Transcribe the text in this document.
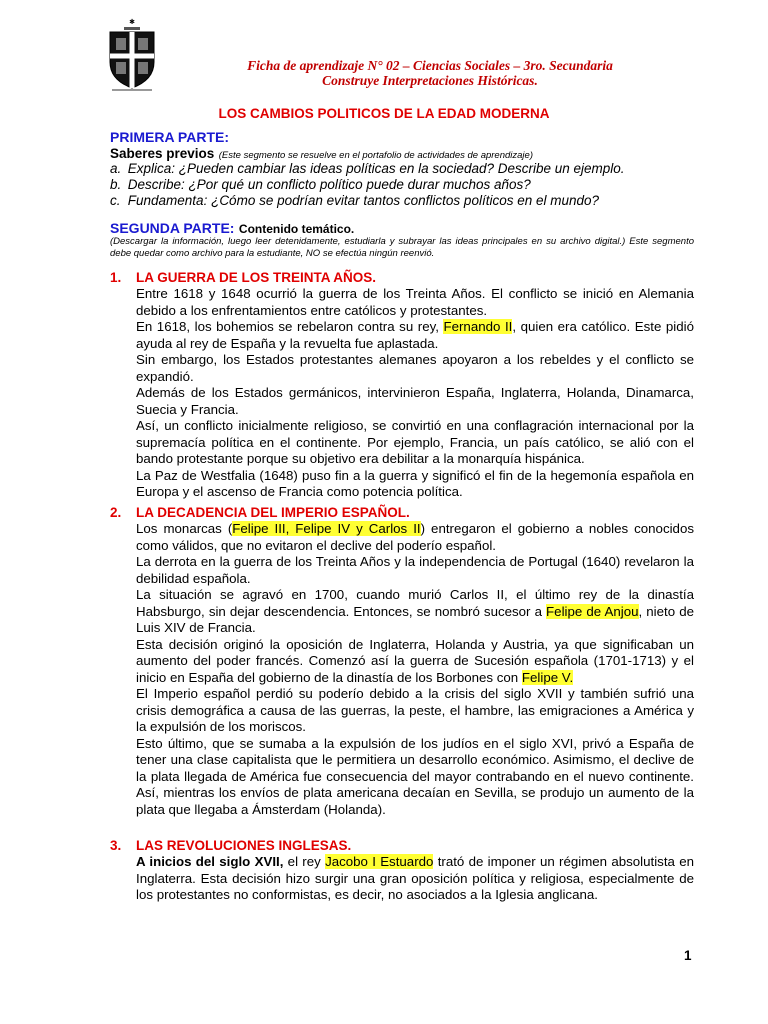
✱
Ficha de aprendizaje N° 02 – Ciencias Sociales – 3ro. Secundaria
Construye Interpretaciones Históricas.
LOS CAMBIOS POLITICOS DE LA EDAD MODERNA
PRIMERA PARTE:
Saberes previos (Este segmento se resuelve en el portafolio de actividades de aprendizaje)
a. Explica: ¿Pueden cambiar las ideas políticas en la sociedad? Describe un ejemplo.
b. Describe: ¿Por qué un conflicto político puede durar muchos años?
c. Fundamenta: ¿Cómo se podrían evitar tantos conflictos políticos en el mundo?
SEGUNDA PARTE: Contenido temático.
(Descargar la información, luego leer detenidamente, estudiarla y subrayar las ideas principales en su archivo digital.) Este segmento debe quedar como archivo para la estudiante, NO se efectúa ningún reenvió.
1. LA GUERRA DE LOS TREINTA AÑOS.

Entre 1618 y 1648 ocurrió la guerra de los Treinta Años. El conflicto se inició en Alemania debido a los enfrentamientos entre católicos y protestantes.

En 1618, los bohemios se rebelaron contra su rey, Fernando II, quien era católico. Este pidió ayuda al rey de España y la revuelta fue aplastada.

Sin embargo, los Estados protestantes alemanes apoyaron a los rebeldes y el conflicto se expandió.

Además de los Estados germánicos, intervinieron España, Inglaterra, Holanda, Dinamarca, Suecia y Francia.

Así, un conflicto inicialmente religioso, se convirtió en una conflagración internacional por la supremacía política en el continente. Por ejemplo, Francia, un país católico, se alió con el bando protestante porque su objetivo era debilitar a la monarquía hispánica.

La Paz de Westfalia (1648) puso fin a la guerra y significó el fin de la hegemonía española en Europa y el ascenso de Francia como potencia política.

2. LA DECADENCIA DEL IMPERIO ESPAÑOL.

Los monarcas (Felipe III, Felipe IV y Carlos II) entregaron el gobierno a nobles conocidos como válidos, que no evitaron el declive del poderío español.

La derrota en la guerra de los Treinta Años y la independencia de Portugal (1640) revelaron la debilidad española.

La situación se agravó en 1700, cuando murió Carlos II, el último rey de la dinastía Habsburgo, sin dejar descendencia. Entonces, se nombró sucesor a Felipe de Anjou, nieto de Luis XIV de Francia.

Esta decisión originó la oposición de Inglaterra, Holanda y Austria, ya que significaban un aumento del poder francés. Comenzó así la guerra de Sucesión española (1701-1713) y el inicio en España del gobierno de la dinastía de los Borbones con Felipe V.

El Imperio español perdió su poderío debido a la crisis del siglo XVII y también sufrió una crisis demográfica a causa de las guerras, la peste, el hambre, las emigraciones a América y la expulsión de los moriscos.

Esto último, que se sumaba a la expulsión de los judíos en el siglo XVI, privó a España de tener una clase capitalista que le permitiera un desarrollo económico. Asimismo, el declive de la plata llegada de América fue consecuencia del mayor contrabando en el nuevo continente. Así, mientras los envíos de plata americana decaían en Sevilla, se produjo un aumento de la plata que llegaba a Ámsterdam (Holanda).

3. LAS REVOLUCIONES INGLESAS.

A inicios del siglo XVII, el rey Jacobo I Estuardo trató de imponer un régimen absolutista en Inglaterra. Esta decisión hizo surgir una gran oposición política y religiosa, especialmente de los protestantes no conformistas, es decir, no asociados a la Iglesia anglicana.

1
